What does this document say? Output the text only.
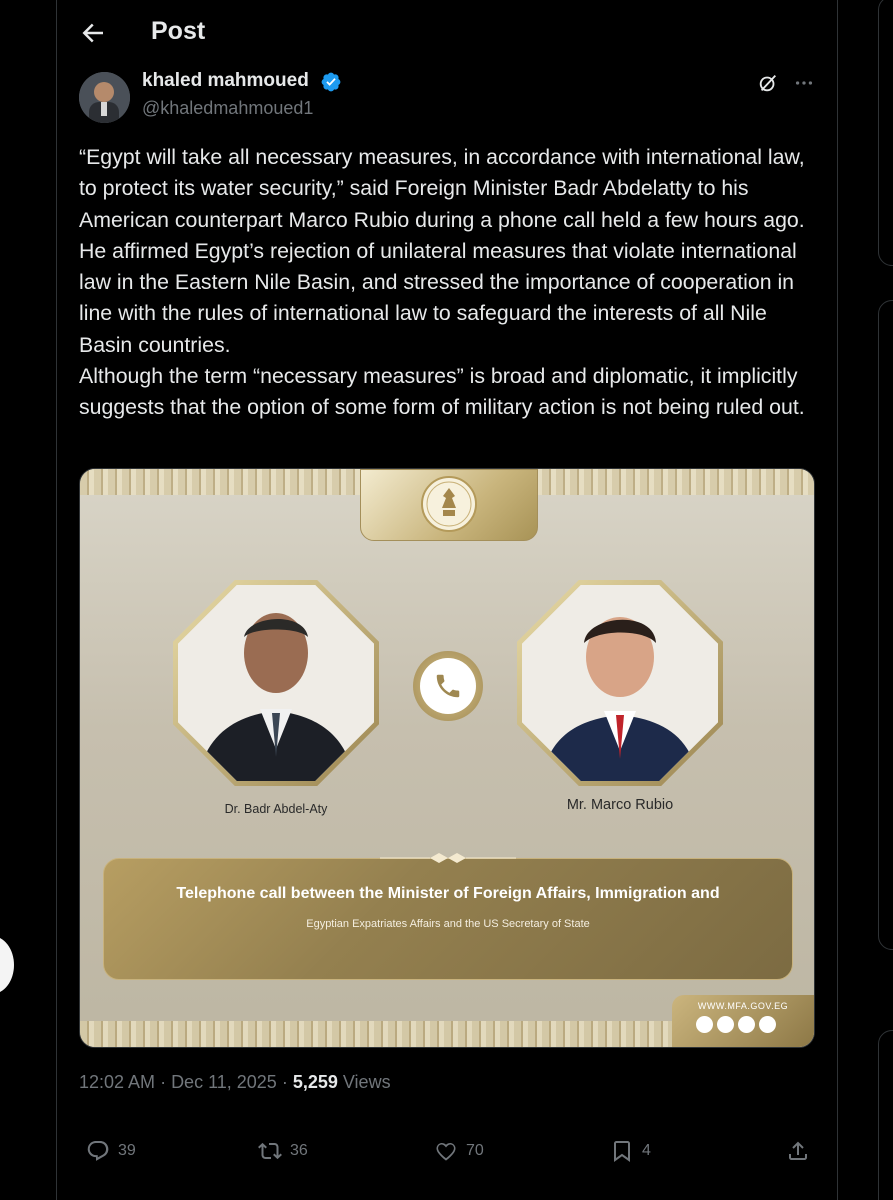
Post
khaled mahmoued
@khaledmahmoued1
“Egypt will take all necessary measures, in accordance with international law, to protect its water security,” said Foreign Minister Badr Abdelatty to his American counterpart Marco Rubio during a phone call held a few hours ago. He affirmed Egypt’s rejection of unilateral measures that violate international law in the Eastern Nile Basin, and stressed the importance of cooperation in line with the rules of international law to safeguard the interests of all Nile Basin countries.
Although the term “necessary measures” is broad and diplomatic, it implicitly suggests that the option of some form of military action is not being ruled out.
Dr. Badr Abdel-Aty	Mr. Marco Rubio
Telephone call between the Minister of Foreign Affairs, Immigration and
Egyptian Expatriates Affairs and the US Secretary of State
WWW.MFA.GOV.EG
12:02 AM · Dec 11, 2025 · 5,259 Views
39	36	70	4
